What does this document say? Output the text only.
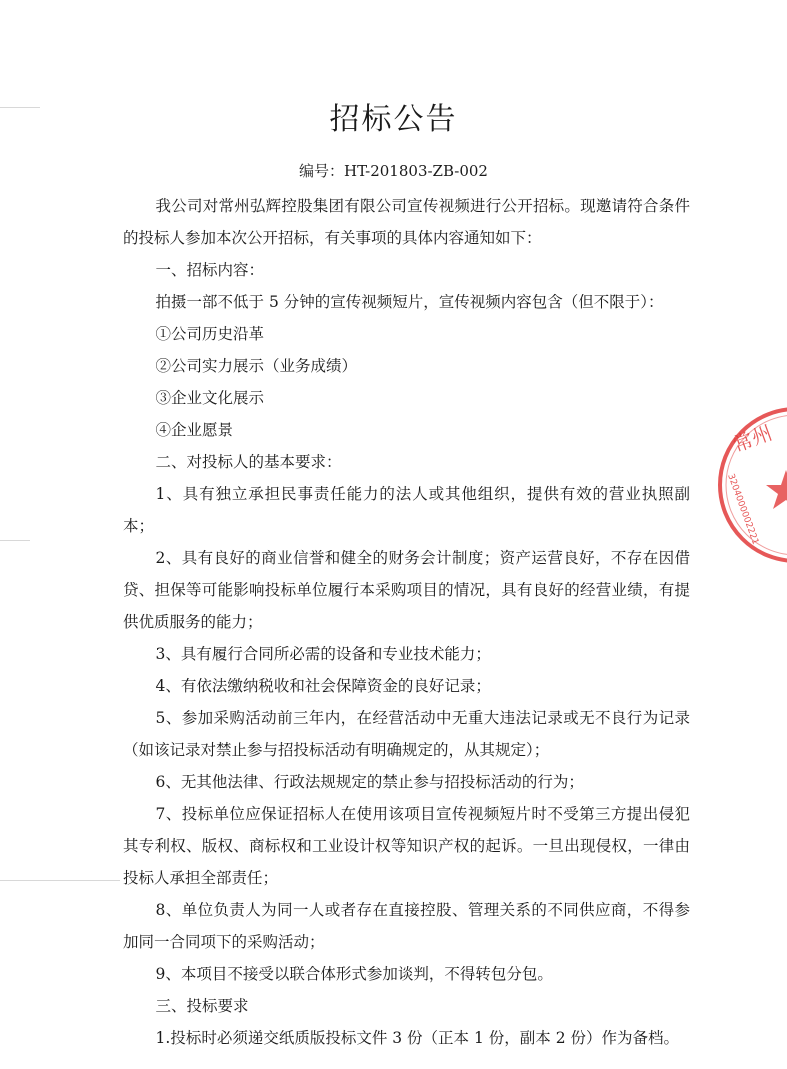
招标公告
编号：HT-201803-ZB-002

我公司对常州弘辉控股集团有限公司宣传视频进行公开招标。现邀请符合条件的投标人参加本次公开招标，有关事项的具体内容通知如下：

一、招标内容：

拍摄一部不低于 5 分钟的宣传视频短片，宣传视频内容包含（但不限于）：

①公司历史沿革

②公司实力展示（业务成绩）

③企业文化展示

④企业愿景

二、对投标人的基本要求：

1、具有独立承担民事责任能力的法人或其他组织，提供有效的营业执照副本；

2、具有良好的商业信誉和健全的财务会计制度；资产运营良好，不存在因借贷、担保等可能影响投标单位履行本采购项目的情况，具有良好的经营业绩，有提供优质服务的能力；

3、具有履行合同所必需的设备和专业技术能力；

4、有依法缴纳税收和社会保障资金的良好记录；

5、参加采购活动前三年内，在经营活动中无重大违法记录或无不良行为记录（如该记录对禁止参与招投标活动有明确规定的，从其规定）；

6、无其他法律、行政法规规定的禁止参与招投标活动的行为；

7、投标单位应保证招标人在使用该项目宣传视频短片时不受第三方提出侵犯其专利权、版权、商标权和工业设计权等知识产权的起诉。一旦出现侵权，一律由投标人承担全部责任；

8、单位负责人为同一人或者存在直接控股、管理关系的不同供应商，不得参加同一合同项下的采购活动；

9、本项目不接受以联合体形式参加谈判，不得转包分包。

三、投标要求

1.投标时必须递交纸质版投标文件 3 份（正本 1 份，副本 2 份）作为备档。

常州
3204000002221
